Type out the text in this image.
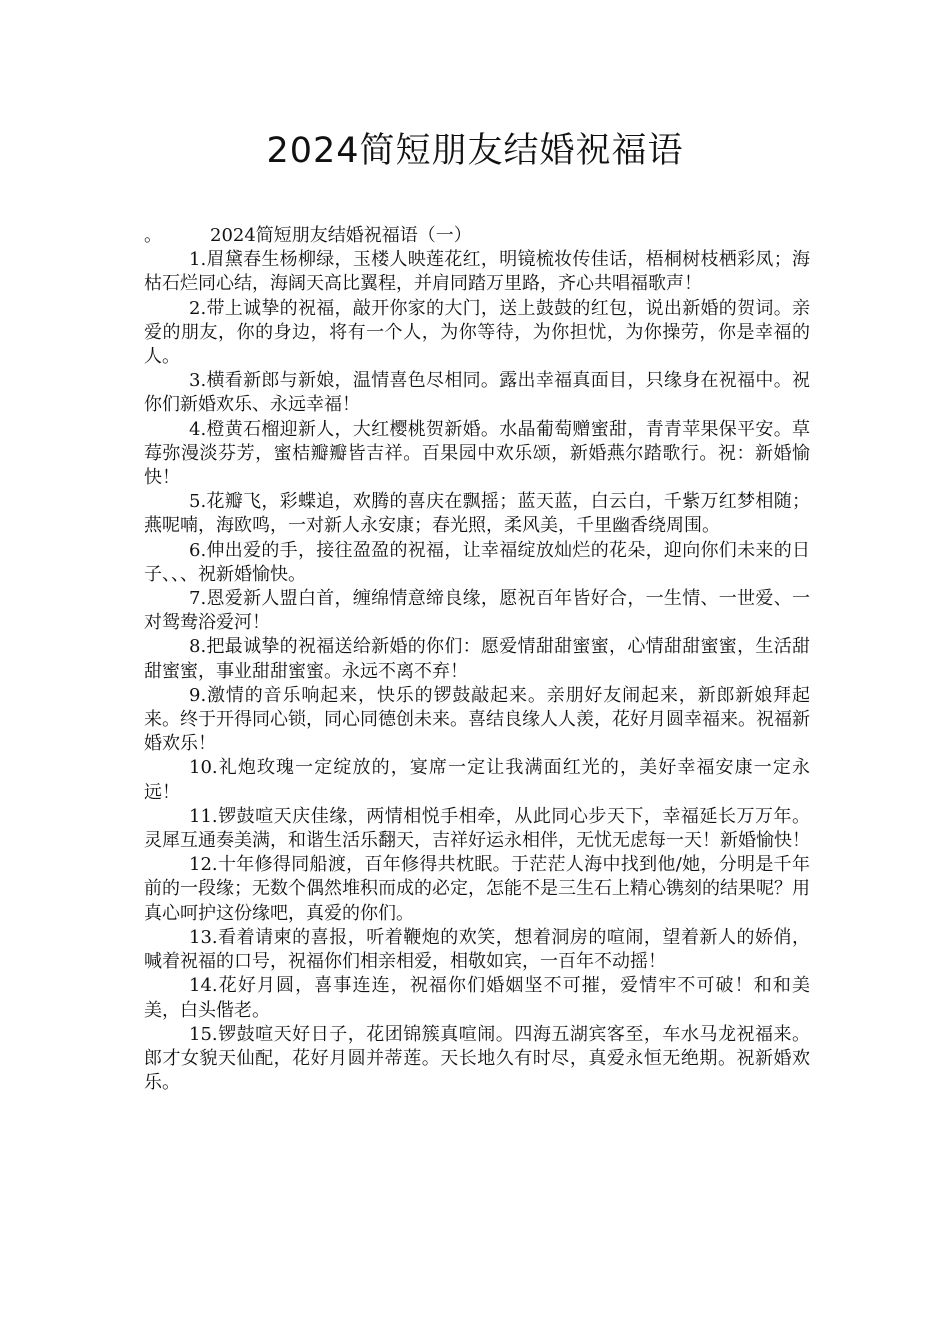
2024简短朋友结婚祝福语

。	2024简短朋友结婚祝福语（一）

1.眉黛春生杨柳绿，玉楼人映莲花红，明镜梳妆传佳话，梧桐树枝栖彩凤；海枯石烂同心结，海阔天高比翼程，并肩同踏万里路，齐心共唱福歌声！

2.带上诚挚的祝福，敲开你家的大门，送上鼓鼓的红包，说出新婚的贺词。亲爱的朋友，你的身边，将有一个人，为你等待，为你担忧，为你操劳，你是幸福的人。

3.横看新郎与新娘，温情喜色尽相同。露出幸福真面目，只缘身在祝福中。祝你们新婚欢乐、永远幸福！

4.橙黄石榴迎新人，大红樱桃贺新婚。水晶葡萄赠蜜甜，青青苹果保平安。草莓弥漫淡芬芳，蜜桔瓣瓣皆吉祥。百果园中欢乐颂，新婚燕尔踏歌行。祝：新婚愉快！

5.花瓣飞，彩蝶追，欢腾的喜庆在飘摇；蓝天蓝，白云白，千紫万红梦相随；燕呢喃，海欧鸣，一对新人永安康；春光照，柔风美，千里幽香绕周围。

6.伸出爱的手，接往盈盈的祝福，让幸福绽放灿烂的花朵，迎向你们未来的日子、、、祝新婚愉快。

7.恩爱新人盟白首，缠绵情意缔良缘，愿祝百年皆好合，一生情、一世爱、一对鸳鸯浴爱河！

8.把最诚挚的祝福送给新婚的你们：愿爱情甜甜蜜蜜，心情甜甜蜜蜜，生活甜甜蜜蜜，事业甜甜蜜蜜。永远不离不弃！

9.激情的音乐响起来，快乐的锣鼓敲起来。亲朋好友闹起来，新郎新娘拜起来。终于开得同心锁，同心同德创未来。喜结良缘人人羡，花好月圆幸福来。祝福新婚欢乐！

10.礼炮玫瑰一定绽放的，宴席一定让我满面红光的，美好幸福安康一定永远！

11.锣鼓喧天庆佳缘，两情相悦手相牵，从此同心步天下，幸福延长万万年。灵犀互通奏美满，和谐生活乐翻天，吉祥好运永相伴，无忧无虑每一天！新婚愉快！

12.十年修得同船渡，百年修得共枕眠。于茫茫人海中找到他/她，分明是千年前的一段缘；无数个偶然堆积而成的必定，怎能不是三生石上精心镌刻的结果呢？用真心呵护这份缘吧，真爱的你们。

13.看着请柬的喜报，听着鞭炮的欢笑，想着洞房的喧闹，望着新人的娇俏，喊着祝福的口号，祝福你们相亲相爱，相敬如宾，一百年不动摇！

14.花好月圆，喜事连连，祝福你们婚姻坚不可摧，爱情牢不可破！和和美美，白头偕老。

15.锣鼓喧天好日子，花团锦簇真喧闹。四海五湖宾客至，车水马龙祝福来。郎才女貌天仙配，花好月圆并蒂莲。天长地久有时尽，真爱永恒无绝期。祝新婚欢乐。
